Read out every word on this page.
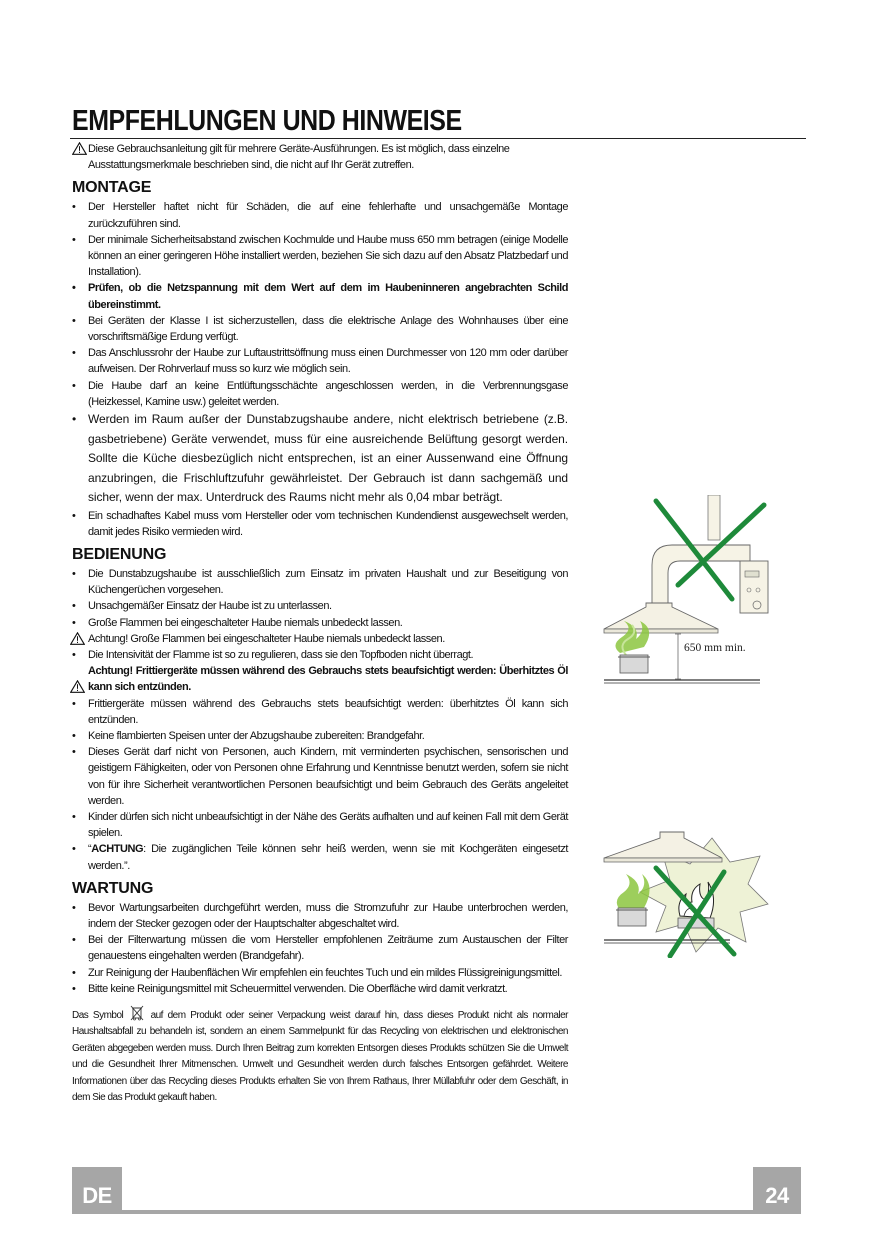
EMPFEHLUNGEN UND HINWEISE
Diese Gebrauchsanleitung gilt für mehrere Geräte-Ausführungen. Es ist möglich, dass einzelne Ausstattungsmerkmale beschrieben sind, die nicht auf Ihr Gerät zutreffen.
MONTAGE
• Der Hersteller haftet nicht für Schäden, die auf eine fehlerhafte und unsachgemäße Montage zurückzuführen sind.
• Der minimale Sicherheitsabstand zwischen Kochmulde und Haube muss 650 mm betragen (einige Modelle können an einer geringeren Höhe installiert werden, beziehen Sie sich dazu auf den Absatz Platzbedarf und Installation).
• Prüfen, ob die Netzspannung mit dem Wert auf dem im Haubeninneren angebrachten Schild übereinstimmt.
• Bei Geräten der Klasse I ist sicherzustellen, dass die elektrische Anlage des Wohnhauses über eine vorschriftsmäßige Erdung verfügt.
• Das Anschlussrohr der Haube zur Luftaustrittsöffnung muss einen Durchmesser von 120 mm oder darüber aufweisen. Der Rohrverlauf muss so kurz wie möglich sein.
• Die Haube darf an keine Entlüftungsschächte angeschlossen werden, in die Verbrennungsgase (Heizkessel, Kamine usw.) geleitet werden.
• Werden im Raum außer der Dunstabzugshaube andere, nicht elektrisch betriebene (z.B. gasbetriebene) Geräte verwendet, muss für eine ausreichende Belüftung gesorgt werden. Sollte die Küche diesbezüglich nicht entsprechen, ist an einer Aussenwand eine Öffnung anzubringen, die Frischluftzufuhr gewährleistet. Der Gebrauch ist dann sachgemäß und sicher, wenn der max. Unterdruck des Raums nicht mehr als 0,04 mbar beträgt.
• Ein schadhaftes Kabel muss vom Hersteller oder vom technischen Kundendienst ausgewechselt werden, damit jedes Risiko vermieden wird.
BEDIENUNG
• Die Dunstabzugshaube ist ausschließlich zum Einsatz im privaten Haushalt und zur Beseitigung von Küchengerüchen vorgesehen.
• Unsachgemäßer Einsatz der Haube ist zu unterlassen.
• Große Flammen bei eingeschalteter Haube niemals unbedeckt lassen.
Achtung! Große Flammen bei eingeschalteter Haube niemals unbedeckt lassen.
• Die Intensivität der Flamme ist so zu regulieren, dass sie den Topfboden nicht überragt.
Achtung! Frittiergeräte müssen während des Gebrauchs stets beaufsichtigt werden: Überhitztes Öl kann sich entzünden.
• Frittiergeräte müssen während des Gebrauchs stets beaufsichtigt werden: überhitztes Öl kann sich entzünden.
• Keine flambierten Speisen unter der Abzugshaube zubereiten: Brandgefahr.
• Dieses Gerät darf nicht von Personen, auch Kindern, mit verminderten psychischen, sensorischen und geistigem Fähigkeiten, oder von Personen ohne Erfahrung und Kenntnisse benutzt werden, sofern sie nicht von für ihre Sicherheit verantwortlichen Personen beaufsichtigt und beim Gebrauch des Geräts angeleitet werden.
• Kinder dürfen sich nicht unbeaufsichtigt in der Nähe des Geräts aufhalten und auf keinen Fall mit dem Gerät spielen.
• “ACHTUNG: Die zugänglichen Teile können sehr heiß werden, wenn sie mit Kochgeräten eingesetzt werden.”.
WARTUNG
• Bevor Wartungsarbeiten durchgeführt werden, muss die Stromzufuhr zur Haube unterbrochen werden, indem der Stecker gezogen oder der Hauptschalter abgeschaltet wird.
• Bei der Filterwartung müssen die vom Hersteller empfohlenen Zeiträume zum Austauschen der Filter genauestens eingehalten werden (Brandgefahr).
• Zur Reinigung der Haubenflächen Wir empfehlen ein feuchtes Tuch und ein mildes Flüssigreinigungsmittel.
• Bitte keine Reinigungsmittel mit Scheuermittel verwenden. Die Oberfläche wird damit verkratzt.
Das Symbol	auf dem Produkt oder seiner Verpackung weist darauf hin, dass dieses Produkt nicht als normaler Haushaltsabfall zu behandeln ist, sondern an einem Sammelpunkt für das Recycling von elektrischen und elektronischen Geräten abgegeben werden muss. Durch Ihren Beitrag zum korrekten Entsorgen dieses Produkts schützen Sie die Umwelt und die Gesundheit Ihrer Mitmenschen. Umwelt und Gesundheit werden durch falsches Entsorgen gefährdet. Weitere Informationen über das Recycling dieses Produkts erhalten Sie von Ihrem Rathaus, Ihrer Müllabfuhr oder dem Geschäft, in dem Sie das Produkt gekauft haben.
650 mm min.
DE	24
